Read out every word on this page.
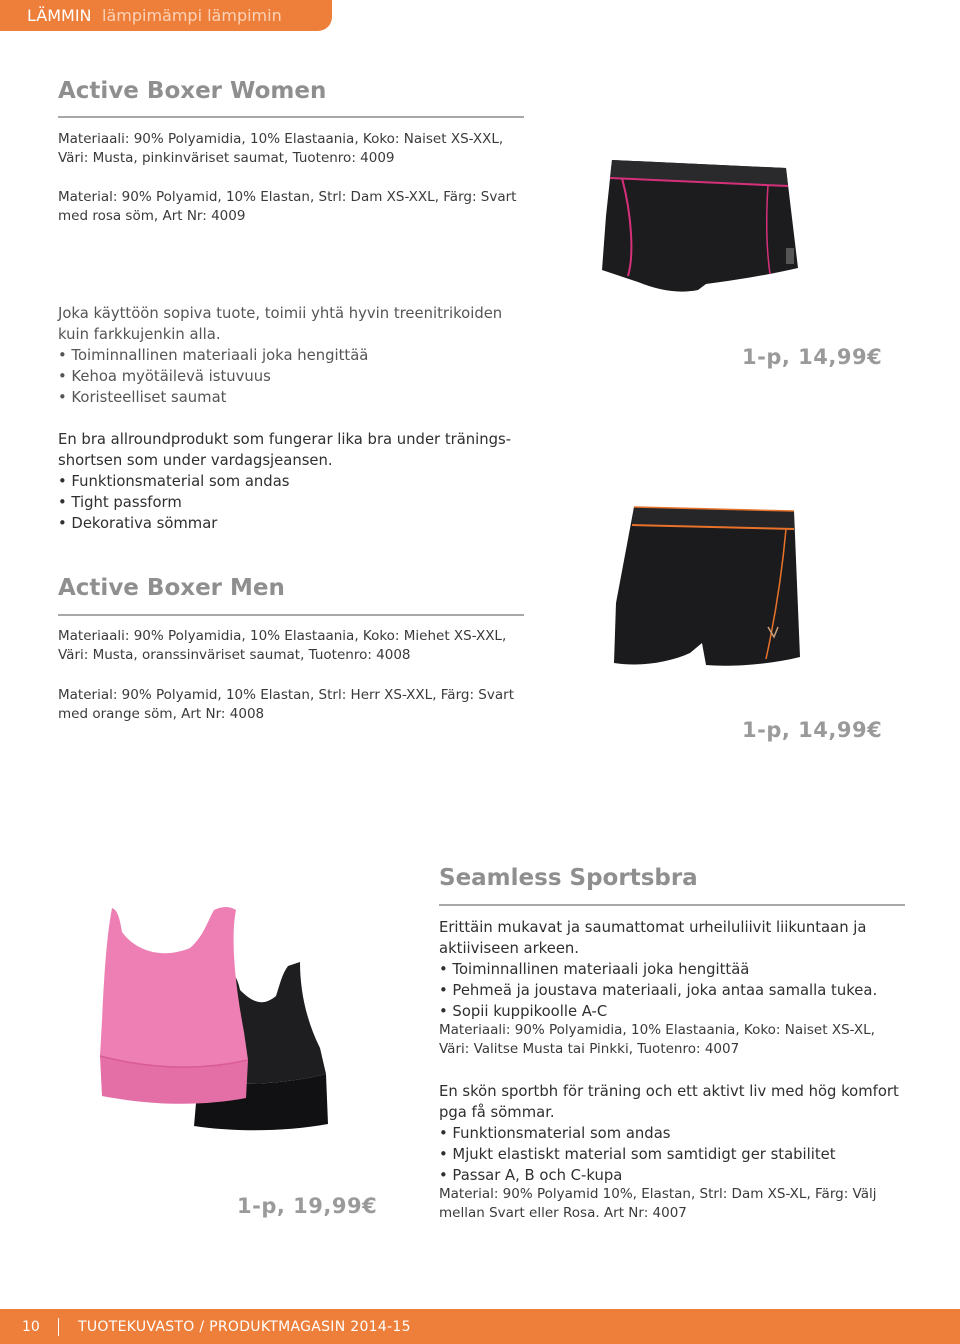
LÄMMIN lämpimämpi lämpimin
Active Boxer Women
Materiaali: 90% Polyamidia, 10% Elastaania, Koko: Naiset XS-XXL,
Väri: Musta, pinkinväriset saumat, Tuotenro: 4009
Material: 90% Polyamid, 10% Elastan, Strl: Dam XS-XXL, Färg: Svart
med rosa söm, Art Nr: 4009
Joka käyttöön sopiva tuote, toimii yhtä hyvin treenitrikoiden
kuin farkkujenkin alla.
• Toiminnallinen materiaali joka hengittää
• Kehoa myötäilevä istuvuus
• Koristeelliset saumat
En bra allroundprodukt som fungerar lika bra under tränings-
shortsen som under vardagsjeansen.
• Funktionsmaterial som andas
• Tight passform
• Dekorativa sömmar
1-p, 14,99€
Active Boxer Men
Materiaali: 90% Polyamidia, 10% Elastaania, Koko: Miehet XS-XXL,
Väri: Musta, oranssinväriset saumat, Tuotenro: 4008
Material: 90% Polyamid, 10% Elastan, Strl: Herr XS-XXL, Färg: Svart
med orange söm, Art Nr: 4008
1-p, 14,99€
Seamless Sportsbra
Erittäin mukavat ja saumattomat urheiluliivit liikuntaan ja
aktiiviseen arkeen.
• Toiminnallinen materiaali joka hengittää
• Pehmeä ja joustava materiaali, joka antaa samalla tukea.
• Sopii kuppikoolle A-C
Materiaali: 90% Polyamidia, 10% Elastaania, Koko: Naiset XS-XL,
Väri: Valitse Musta tai Pinkki, Tuotenro: 4007
En skön sportbh för träning och ett aktivt liv med hög komfort
pga få sömmar.
• Funktionsmaterial som andas
• Mjukt elastiskt material som samtidigt ger stabilitet
• Passar A, B och C-kupa
Material: 90% Polyamid 10%, Elastan, Strl: Dam XS-XL, Färg: Välj
mellan Svart eller Rosa. Art Nr: 4007
1-p, 19,99€
10	TUOTEKUVASTO / PRODUKTMAGASIN 2014-15
